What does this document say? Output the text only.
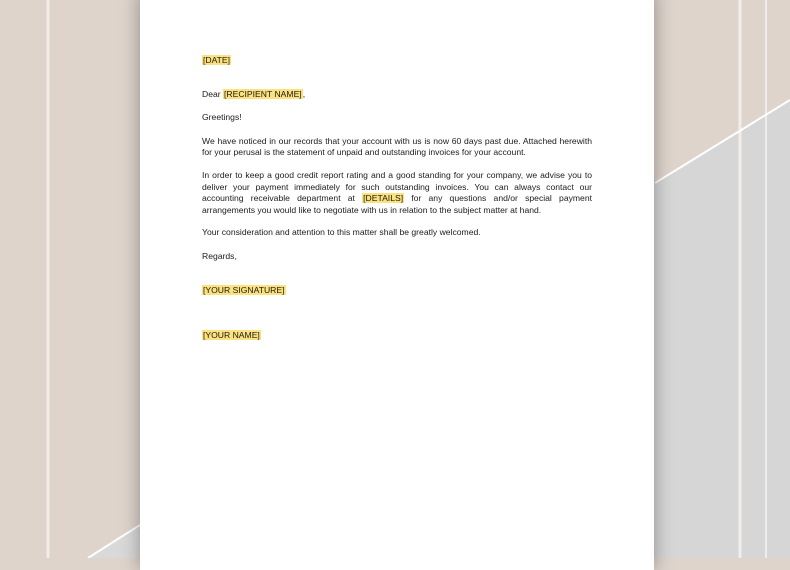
[DATE]

Dear [RECIPIENT NAME],

Greetings!

We have noticed in our records that your account with us is now 60 days past due. Attached herewith for your perusal is the statement of unpaid and outstanding invoices for your account.

In order to keep a good credit report rating and a good standing for your company, we advise you to deliver your payment immediately for such outstanding invoices. You can always contact our accounting receivable department at [DETAILS] for any questions and/or special payment arrangements you would like to negotiate with us in relation to the subject matter at hand.

Your consideration and attention to this matter shall be greatly welcomed.

Regards,

[YOUR SIGNATURE]

[YOUR NAME]
